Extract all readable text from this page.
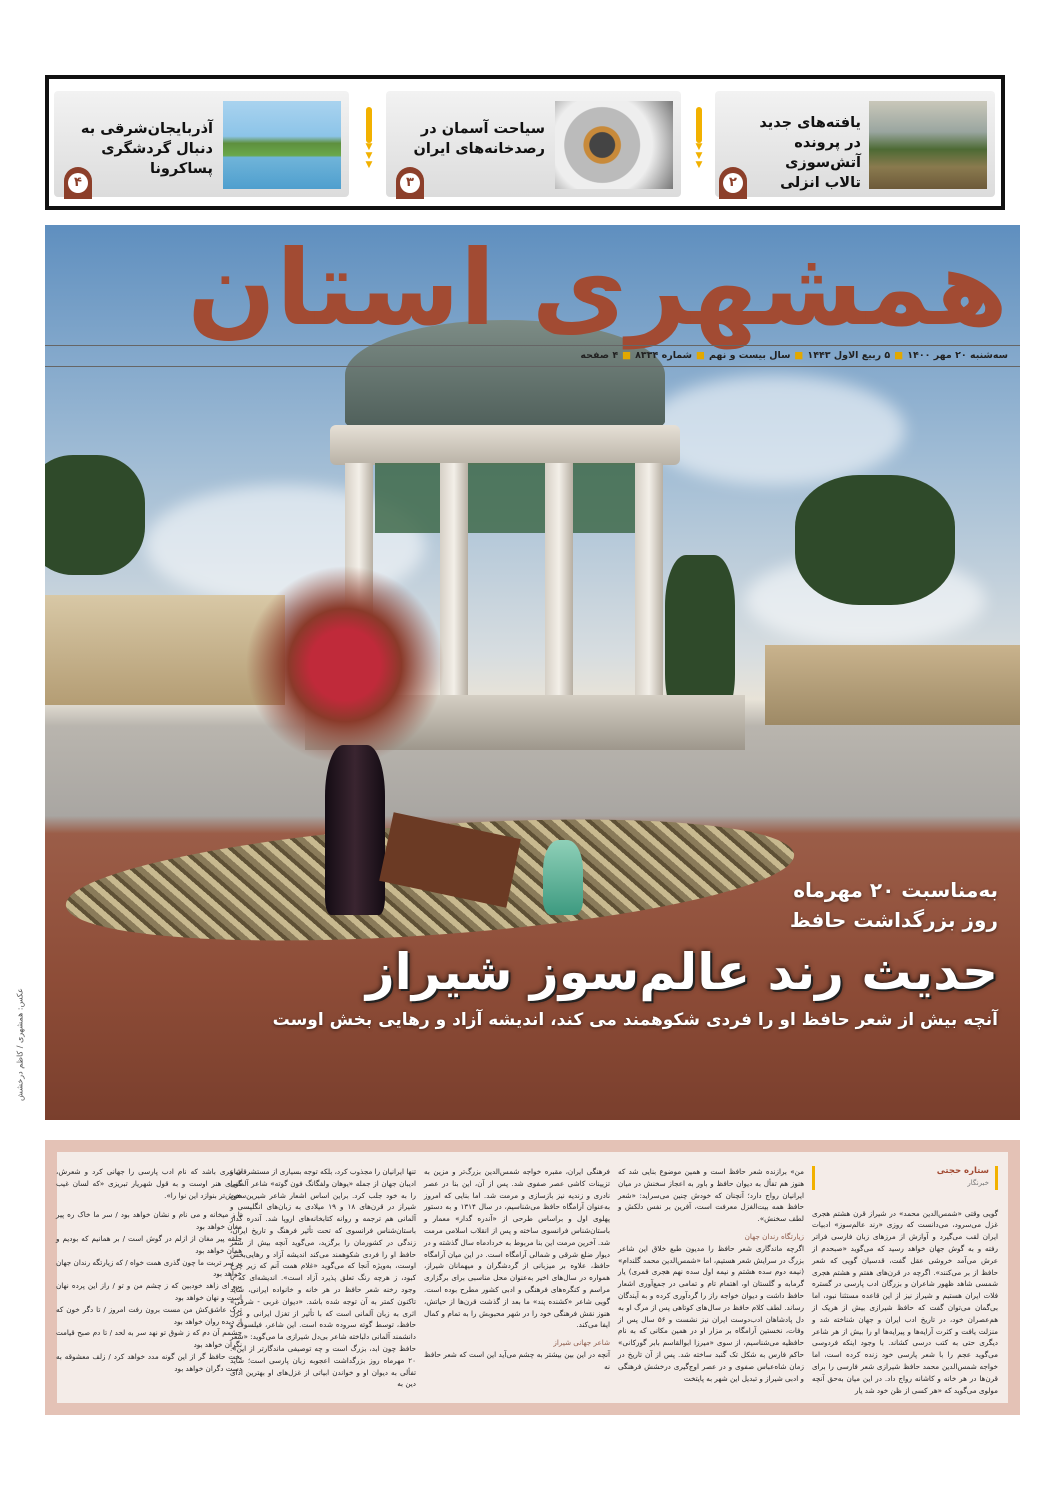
یافته‌های جدید در پرونده آتش‌سوزی تالاب انزلی
۲
▼
▼
▼
سیاحت آسمان در رصدخانه‌های ایران
۳
▼
▼
▼
آذربایجان‌شرقی به دنبال گردشگری پساکرونا
۴
همشهری استان
سه‌شنبه ۲۰ مهر ۱۴۰۰■۵ ربیع الاول ۱۴۴۳■سال بیست و نهم■شماره ۸۳۳۴■۴ صفحه
به‌مناسبت ۲۰ مهرماه
روز بزرگداشت حافظ
حدیث رند عالم‌سوز شیراز
آنچه بیش از شعر حافظ او را فردی شکوهمند می کند، اندیشه آزاد و رهایی بخش اوست
عکس: همشهری / کاظم درخشش
ستاره حجتی
خبرنگار

گویی وقتی «شمس‌الدین محمد» در شیراز قرن هشتم هجری غزل می‌سرود، می‌دانست که روزی «رند عالم‌سوز» ادبیات ایران لقب می‌گیرد و آوازش از مرزهای زبان فارسی فراتر رفته و به گوش جهان خواهد رسید که می‌گوید «صبحدم از عرش می‌آمد خروشی عقل گفت، قدسیان گویی که شعر حافظ از بر می‌کنند». اگرچه در قرن‌های هفتم و هشتم هجری شمسی شاهد ظهور شاعران و بزرگان ادب پارسی در گستره فلات ایران هستیم و شیراز نیز از این قاعده مستثنا نبود، اما بی‌گمان می‌توان گفت که حافظ شیرازی بیش از هریک از هم‌عصران خود، در تاریخ ادب ایران و جهان شناخته شد و منزلت یافت و کثرت آرایه‌ها و پیرایه‌ها او را بیش از هر شاعر دیگری حتی به کتب درسی کشاند. با وجود اینکه فردوسی می‌گوید عجم را با شعر پارسی خود زنده کرده است، اما خواجه شمس‌الدین محمد حافظ شیرازی شعر فارسی را برای قرن‌ها در هر خانه و کاشانه رواج داد. در این میان به‌حق آنچه مولوی می‌گوید که «هر کسی از ظن خود شد یار

من» برازنده شعر حافظ است و همین موضوع بنایی شد که هنوز هم تفأل به دیوان حافظ و باور به اعجاز سخنش در میان ایرانیان رواج دارد؛ آنچنان که خودش چنین می‌سراید: «شعر حافظ همه بیت‌الغزل معرفت است، آفرین بر نفس دلکش و لطف سخنش».

زیارتگاه رندان جهان

اگرچه ماندگاری شعر حافظ را مدیون طبع خلاق این شاعر بزرگ در سرایش شعر هستیم، اما «شمس‌الدین محمد گلندام» (نیمه دوم سده هشتم و نیمه اول سده نهم هجری قمری) یار گرمابه و گلستان او، اهتمام تام و تمامی در جمع‌آوری اشعار حافظ داشت و دیوان خواجه راز را گردآوری کرده و به آیندگان رساند. لطف کلام حافظ در سال‌های کوتاهی پس از مرگ او به دل پادشاهان ادب‌دوست ایران نیز نشست و ۵۶ سال پس از وفات، نخستین آرامگاه بر مزار او در همین مکانی که به نام حافظیه می‌شناسیم، از سوی «میرزا ابوالقاسم بابر گورکانی» حاکم فارس به شکل تک گنبد ساخته شد. پس از آن تاریخ در زمان شاه‌عباس صفوی و در عصر اوج‌گیری درخشش فرهنگی و ادبی شیراز و تبدیل این شهر به پایتخت

فرهنگی ایران، مقبره خواجه شمس‌الدین بزرگ‌تر و مزین به تزیینات کاشی عصر صفوی شد. پس از آن، این بنا در عصر نادری و زندیه نیز بازسازی و مرمت شد. اما بنایی که امروز به‌عنوان آرامگاه حافظ می‌شناسیم، در سال ۱۳۱۴ و به دستور پهلوی اول و براساس طرحی از «آندره گدار» معمار و باستان‌شناس فرانسوی ساخته و پس از انقلاب اسلامی مرمت شد. آخرین مرمت این بنا مربوط به خردادماه سال گذشته و در دیوار ضلع شرقی و شمالی آرامگاه است. در این میان آرامگاه حافظ، علاوه بر میزبانی از گردشگران و میهمانان شیراز، همواره در سال‌های اخیر به‌عنوان محل مناسبی برای برگزاری مراسم و کنگره‌های فرهنگی و ادبی کشور مطرح بوده است. گویی شاعر «کشنده پند» ما بعد از گذشت قرن‌ها از حیاتش، هنوز نقش فرهنگی خود را در شهر محبوبش را به تمام و کمال ایفا می‌کند.

شاعر جهانی شیراز

آنچه در این بین بیشتر به چشم می‌آید این است که شعر حافظ نه

تنها ایرانیان را مجذوب کرد، بلکه توجه بسیاری از مستشرقان و ادیبان جهان از جمله «یوهان ولفگانگ فون گوته» شاعر آلمانی را به خود جلب کرد. براین اساس اشعار شاعر شیرین‌سخن شیراز در قرن‌های ۱۸ و ۱۹ میلادی به زبان‌های انگلیسی و آلمانی هم ترجمه و روانه کتابخانه‌های اروپا شد. آندره گدار باستان‌شناس فرانسوی که تحت تأثیر فرهنگ و تاریخ ایران، زندگی در کشورمان را برگزید، می‌گوید آنچه بیش از شعر حافظ او را فردی شکوهمند می‌کند اندیشه آزاد و رهایی‌بخش اوست، به‌ویژه آنجا که می‌گوید «غلام همت آنم که زیر چرخ کبود، ز هرچه رنگ تعلق پذیرد آزاد است». اندیشه‌ای که با وجود رخنه شعر حافظ در هر خانه و خانواده ایرانی، شاید تاکنون کمتر به آن توجه شده باشد. «دیوان غربی - شرقی» اثری به زبان آلمانی است که با تأثیر از تغزل ایرانی و غزل حافظ، توسط گوته سروده شده است. این شاعر، فیلسوف و دانشمند آلمانی دلباخته شاعر بی‌دل شیرازی ما می‌گوید: «شعر حافظ چون ابد، بزرگ است و چه توصیفی ماندگارتر از این». ۲۰ مهرماه روز بزرگداشت اعجوبه زبان پارسی است؛ شاید تفألی به دیوان او و خواندن ابیاتی از غزل‌های او بهترین ادای دین به

شاعری باشد که نام ادب پارسی را جهانی کرد و شعرش، گویای هنر اوست و به قول شهریار تبریزی «که لسان غیب خوش‌تر بنوازد این نوا را».

تا ز میخانه و می نام و نشان خواهد بود / سر ما خاک ره پیر مغان خواهد بود

حلقه پیر مغان از ازلم در گوش است / بر همانیم که بودیم و همان خواهد بود

بر سر تربت ما چون گذری همت خواه / که زیارتگه رندان جهان خواهد بود

برو ای زاهد خودبین که ز چشم من و تو / راز این پرده نهان است و نهان خواهد بود

ترک عاشق‌کش من مست برون رفت امروز / تا دگر خون که از دیده روان خواهد بود

چشمم آن دم که ز شوق تو نهد سر به لحد / تا دم صبح قیامت نگران خواهد بود

بخت حافظ گر از این گونه مدد خواهد کرد / زلف معشوقه به دست دگران خواهد بود
